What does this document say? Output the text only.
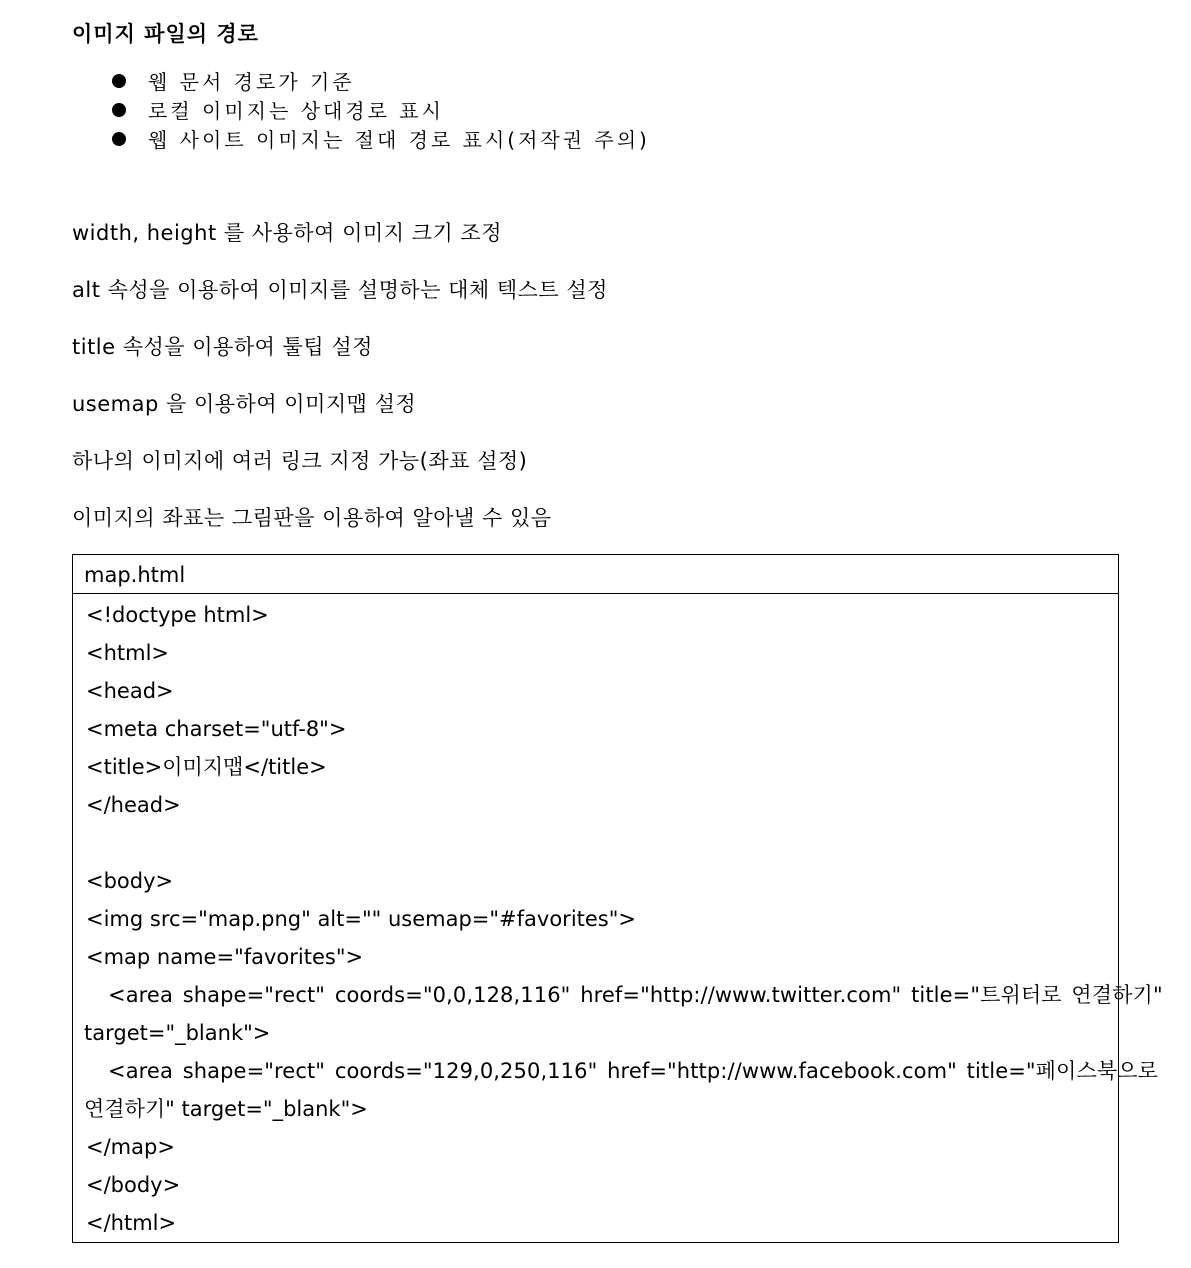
이미지 파일의 경로
웹 문서 경로가 기준
로컬 이미지는 상대경로 표시
웹 사이트 이미지는 절대 경로 표시(저작권 주의)
width, height 를 사용하여 이미지 크기 조정
alt 속성을 이용하여 이미지를 설명하는 대체 텍스트 설정
title 속성을 이용하여 툴팁 설정
usemap 을 이용하여 이미지맵 설정
하나의 이미지에 여러 링크 지정 가능(좌표 설정)
이미지의 좌표는 그림판을 이용하여 알아낼 수 있음
map.html
<!doctype html>
<html>
<head>
<meta charset="utf-8">
<title>이미지맵</title>
</head>
<body>
<img src="map.png" alt="" usemap="#favorites">
<map name="favorites">
<area shape="rect" coords="0,0,128,116" href="http://www.twitter.com" title="트위터로 연결하기"
target="_blank">
<area shape="rect" coords="129,0,250,116" href="http://www.facebook.com" title="페이스북으로
연결하기" target="_blank">
</map>
</body>
</html>
